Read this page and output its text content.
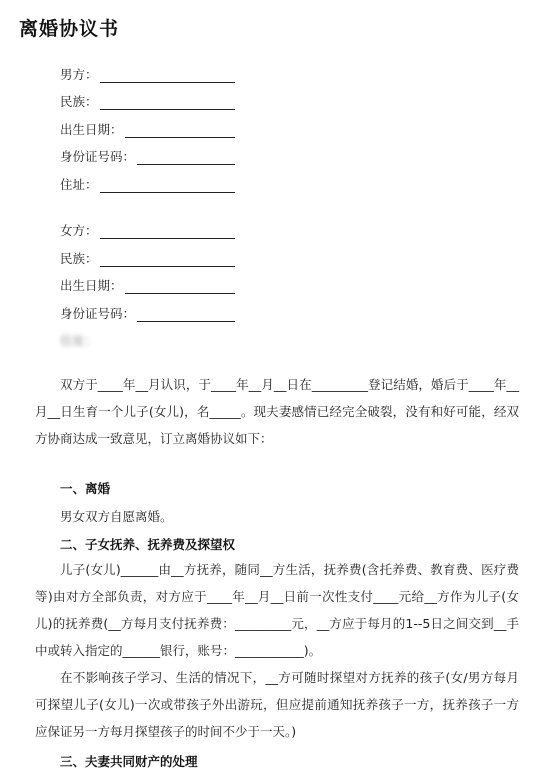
离婚协议书
男方：
民族：
出生日期：
身份证号码：
住址：
女方：
民族：
出生日期：
身份证号码：
住址：

双方于____年__月认识，于____年__月__日在_________登记结婚，婚后于____年__月__日生育一个儿子(女儿)，名_____。现夫妻感情已经完全破裂，没有和好可能，经双方协商达成一致意见，订立离婚协议如下：

一、离婚
男女双方自愿离婚。
二、子女抚养、抚养费及探望权

儿子(女儿)______由__方抚养，随同__方生活，抚养费(含托养费、教育费、医疗费等)由对方全部负责，对方应于____年__月__日前一次性支付____元给__方作为儿子(女儿)的抚养费(__方每月支付抚养费：_________元，__方应于每月的1--5日之间交到__手中或转入指定的______银行，账号：___________)。

在不影响孩子学习、生活的情况下，__方可随时探望对方抚养的孩子(女/男方每月可探望儿子(女儿)一次或带孩子外出游玩，但应提前通知抚养孩子一方，抚养孩子一方应保证另一方每月探望孩子的时间不少于一天。)

三、夫妻共同财产的处理
